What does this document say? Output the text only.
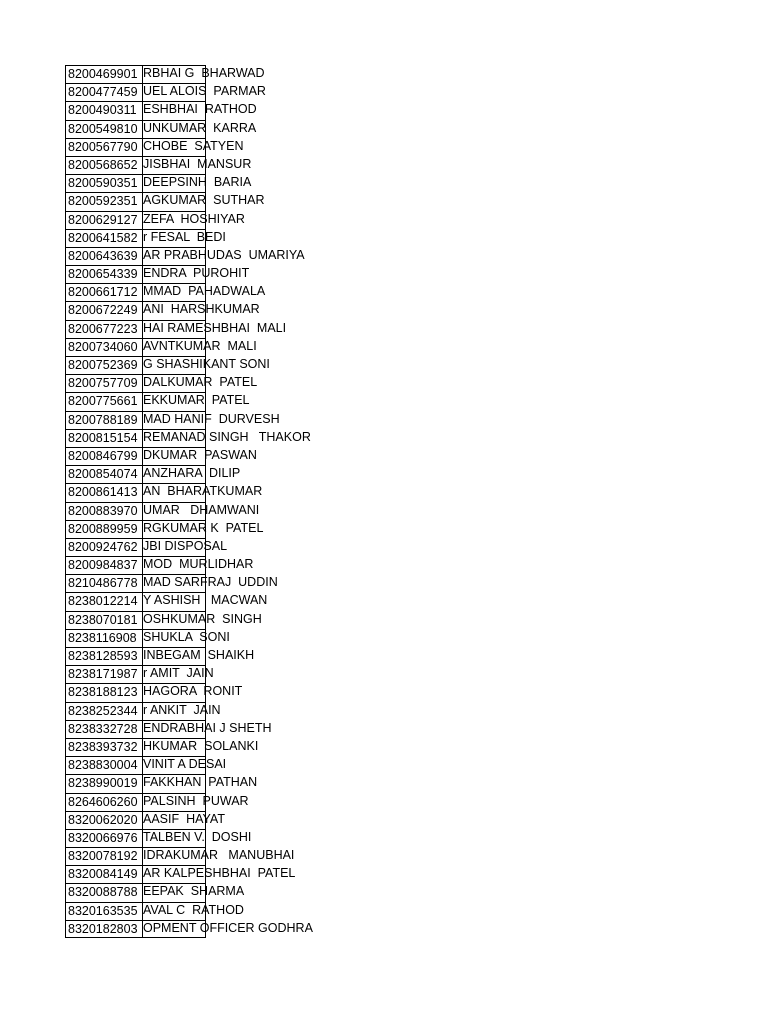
8200469901 RBHAI G  BHARWAD
8200477459 UEL ALOIS  PARMAR
8200490311 ESHBHAI  RATHOD
8200549810 UNKUMAR  KARRA
8200567790 CHOBE  SATYEN
8200568652 JISBHAI  MANSUR
8200590351 DEEPSINH  BARIA
8200592351 AGKUMAR  SUTHAR
8200629127 ZEFA  HOSHIYAR
8200641582 r FESAL  BEDI
8200643639 AR PRABHUDAS  UMARIYA
8200654339 ENDRA  PUROHIT
8200661712 MMAD  PAHADWALA
8200672249 ANI  HARSHKUMAR
8200677223 HAI RAMESHBHAI  MALI
8200734060 AVNTKUMAR  MALI
8200752369 G SHASHIKANT SONI
8200757709 DALKUMAR  PATEL
8200775661 EKKUMAR  PATEL
8200788189 MAD HANIF  DURVESH
8200815154 REMANAD SINGH   THAKOR
8200846799 DKUMAR  PASWAN
8200854074 ANZHARA  DILIP
8200861413 AN  BHARATKUMAR
8200883970 UMAR   DHAMWANI
8200889959 RGKUMAR K  PATEL
8200924762 JBI DISPOSAL
8200984837 MOD  MURLIDHAR
8210486778 MAD SARFRAJ  UDDIN
8238012214 Y ASHISH   MACWAN
8238070181 OSHKUMAR  SINGH
8238116908 SHUKLA  SONI
8238128593 INBEGAM  SHAIKH
8238171987 r AMIT  JAIN
8238188123 HAGORA  RONIT
8238252344 r ANKIT  JAIN
8238332728 ENDRABHAI J SHETH
8238393732 HKUMAR  SOLANKI
8238830004 VINIT A DESAI
8238990019 FAKKHAN  PATHAN
8264606260 PALSINH  PUWAR
8320062020 AASIF  HAYAT
8320066976 TALBEN V.  DOSHI
8320078192 IDRAKUMAR   MANUBHAI
8320084149 AR KALPESHBHAI  PATEL
8320088788 EEPAK  SHARMA
8320163535 AVAL C  RATHOD
8320182803 OPMENT OFFICER GODHRA
